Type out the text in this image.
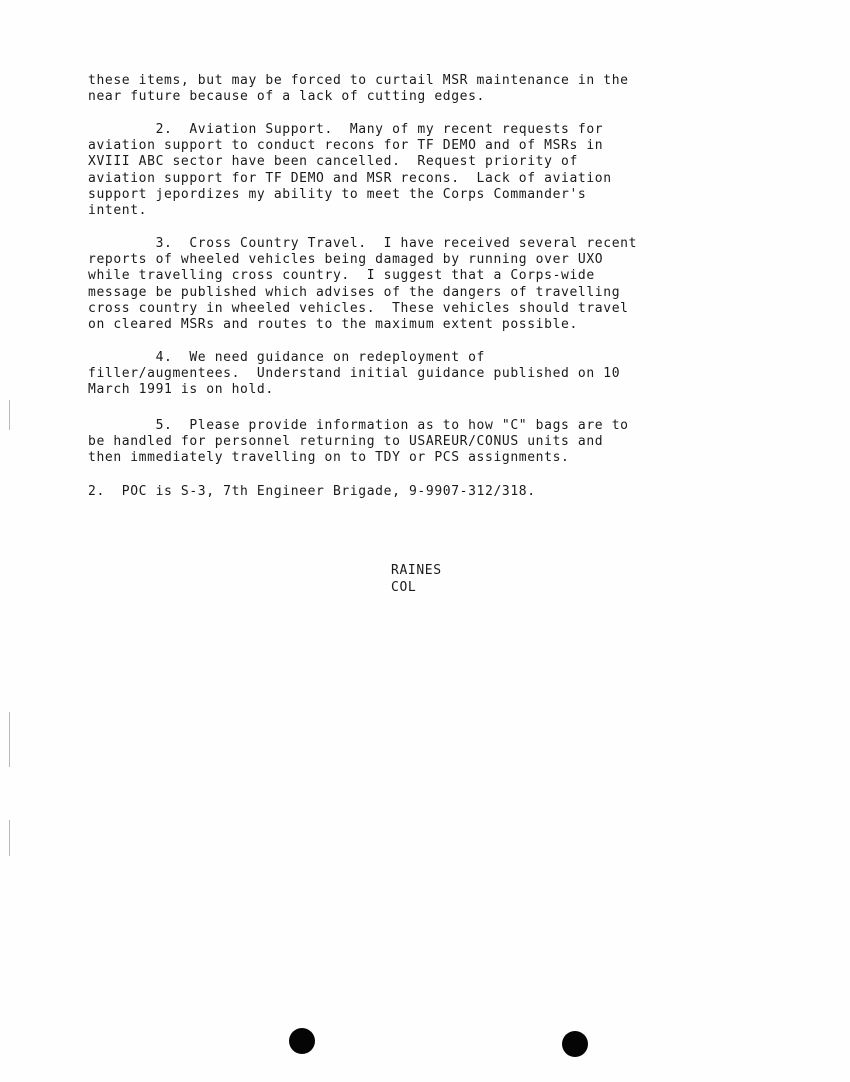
these items, but may be forced to curtail MSR maintenance in the
near future because of a lack of cutting edges.

2.  Aviation Support.  Many of my recent requests for
aviation support to conduct recons for TF DEMO and of MSRs in
XVIII ABC sector have been cancelled.  Request priority of
aviation support for TF DEMO and MSR recons.  Lack of aviation
support jepordizes my ability to meet the Corps Commander's
intent.

3.  Cross Country Travel.  I have received several recent
reports of wheeled vehicles being damaged by running over UXO
while travelling cross country.  I suggest that a Corps-wide
message be published which advises of the dangers of travelling
cross country in wheeled vehicles.  These vehicles should travel
on cleared MSRs and routes to the maximum extent possible.

4.  We need guidance on redeployment of
filler/augmentees.  Understand initial guidance published on 10
March 1991 is on hold.

5.  Please provide information as to how "C" bags are to
be handled for personnel returning to USAREUR/CONUS units and
then immediately travelling on to TDY or PCS assignments.

2.  POC is S-3, 7th Engineer Brigade, 9-9907-312/318.

RAINES
COL
